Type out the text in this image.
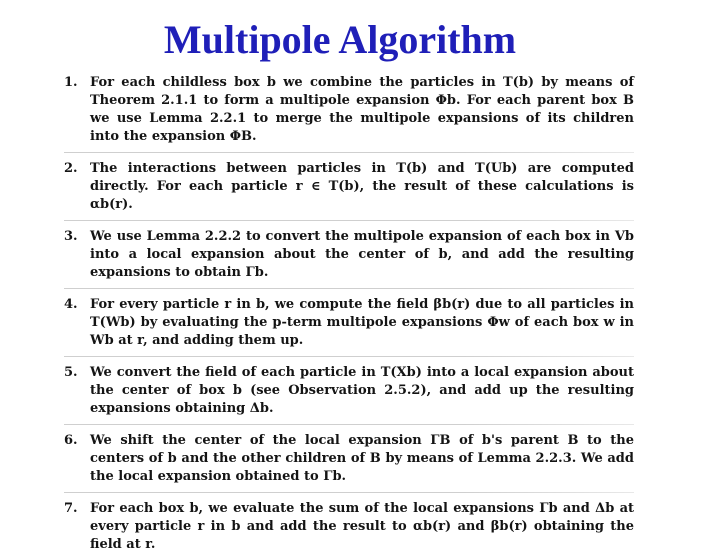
Multipole Algorithm
1. For each childless box b we combine the particles in T(b) by means of Theorem 2.1.1 to form a multipole expansion Φb. For each parent box B we use Lemma 2.2.1 to merge the multipole expansions of its children into the expansion ΦB.
2. The interactions between particles in T(b) and T(Ub) are computed directly. For each particle r ∈ T(b), the result of these calculations is αb(r).
3. We use Lemma 2.2.2 to convert the multipole expansion of each box in Vb into a local expansion about the center of b, and add the resulting expansions to obtain Γb.
4. For every particle r in b, we compute the field βb(r) due to all particles in T(Wb) by evaluating the p-term multipole expansions Φw of each box w in Wb at r, and adding them up.
5. We convert the field of each particle in T(Xb) into a local expansion about the center of box b (see Observation 2.5.2), and add up the resulting expansions obtaining Δb.
6. We shift the center of the local expansion ΓB of b's parent B to the centers of b and the other children of B by means of Lemma 2.2.3. We add the local expansion obtained to Γb.
7. For each box b, we evaluate the sum of the local expansions Γb and Δb at every particle r in b and add the result to αb(r) and βb(r) obtaining the field at r.
